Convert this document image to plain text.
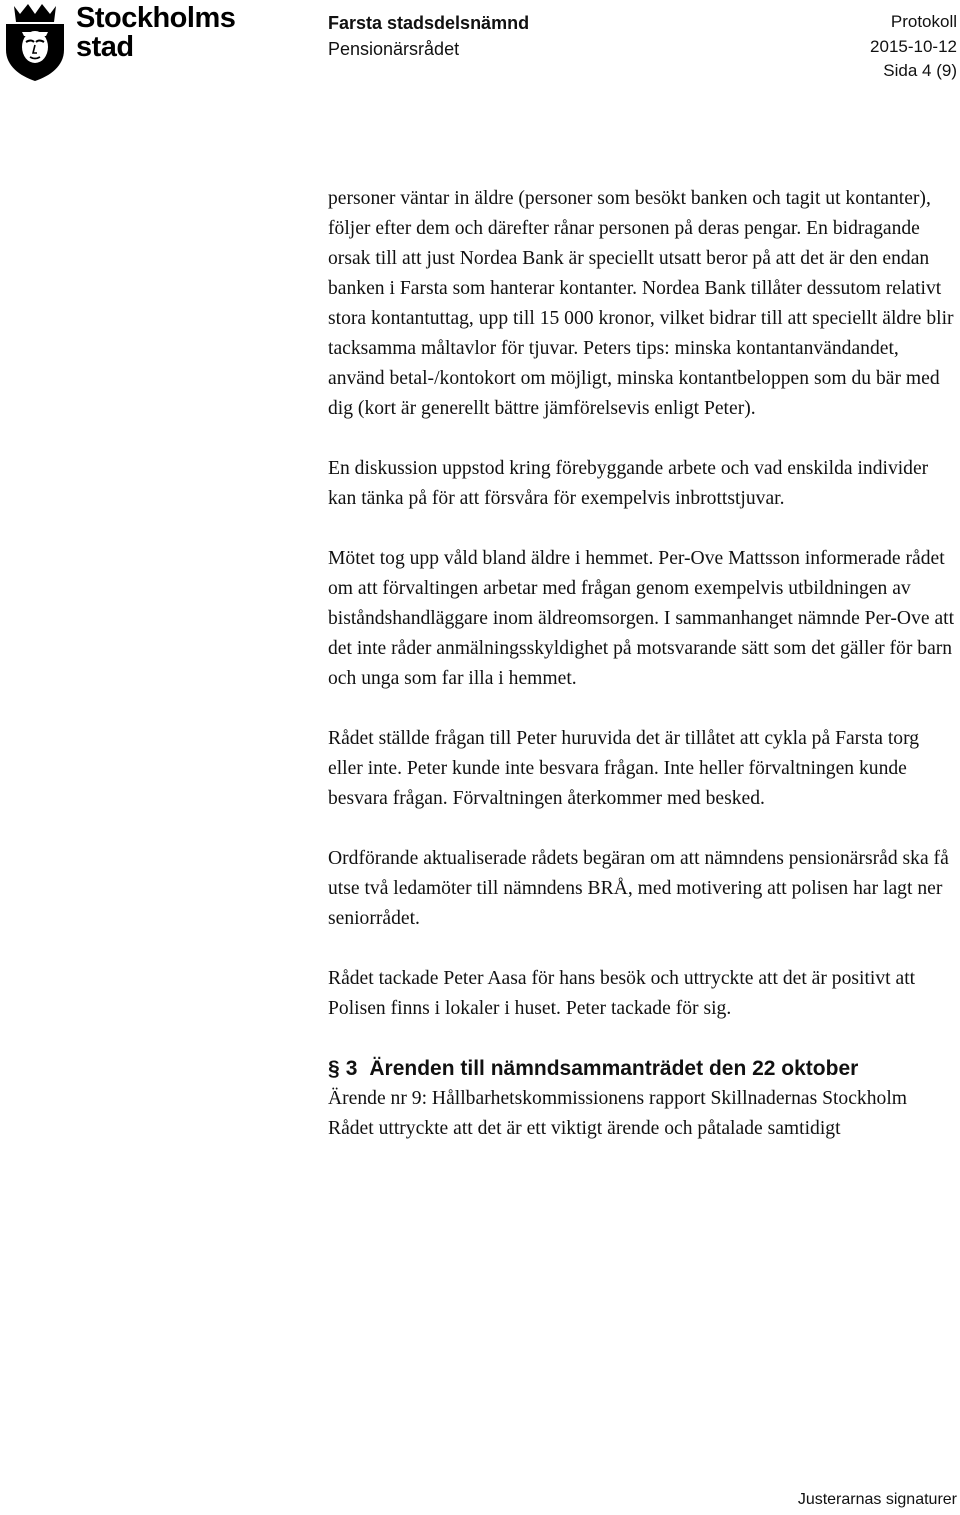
Stockholms
stad
Farsta stadsdelsnämnd
Pensionärsrådet
Protokoll
2015-10-12
Sida 4 (9)

personer väntar in äldre (personer som besökt banken och tagit ut kontanter), följer efter dem och därefter rånar personen på deras pengar. En bidragande orsak till att just Nordea Bank är speciellt utsatt beror på att det är den endan banken i Farsta som hanterar kontanter. Nordea Bank tillåter dessutom relativt stora kontantuttag, upp till 15 000 kronor, vilket bidrar till att speciellt äldre blir tacksamma måltavlor för tjuvar. Peters tips: minska kontantanvändandet, använd betal-/kontokort om möjligt, minska kontantbeloppen som du bär med dig (kort är generellt bättre jämförelsevis enligt Peter).

En diskussion uppstod kring förebyggande arbete och vad enskilda individer kan tänka på för att försvåra för exempelvis inbrottstjuvar.

Mötet tog upp våld bland äldre i hemmet. Per-Ove Mattsson informerade rådet om att förvaltingen arbetar med frågan genom exempelvis utbildningen av biståndshandläggare inom äldreomsorgen. I sammanhanget nämnde Per-Ove att det inte råder anmälningsskyldighet på motsvarande sätt som det gäller för barn och unga som far illa i hemmet.

Rådet ställde frågan till Peter huruvida det är tillåtet att cykla på Farsta torg eller inte. Peter kunde inte besvara frågan. Inte heller förvaltningen kunde besvara frågan. Förvaltningen återkommer med besked.

Ordförande aktualiserade rådets begäran om att nämndens pensionärsråd ska få utse två ledamöter till nämndens BRÅ, med motivering att polisen har lagt ner seniorrådet.

Rådet tackade Peter Aasa för hans besök och uttryckte att det är positivt att Polisen finns i lokaler i huset. Peter tackade för sig.

§ 3 Ärenden till nämndsammanträdet den 22 oktober
Ärende nr 9: Hållbarhetskommissionens rapport Skillnadernas Stockholm
Rådet uttryckte att det är ett viktigt ärende och påtalade samtidigt
Justerarnas signaturer
